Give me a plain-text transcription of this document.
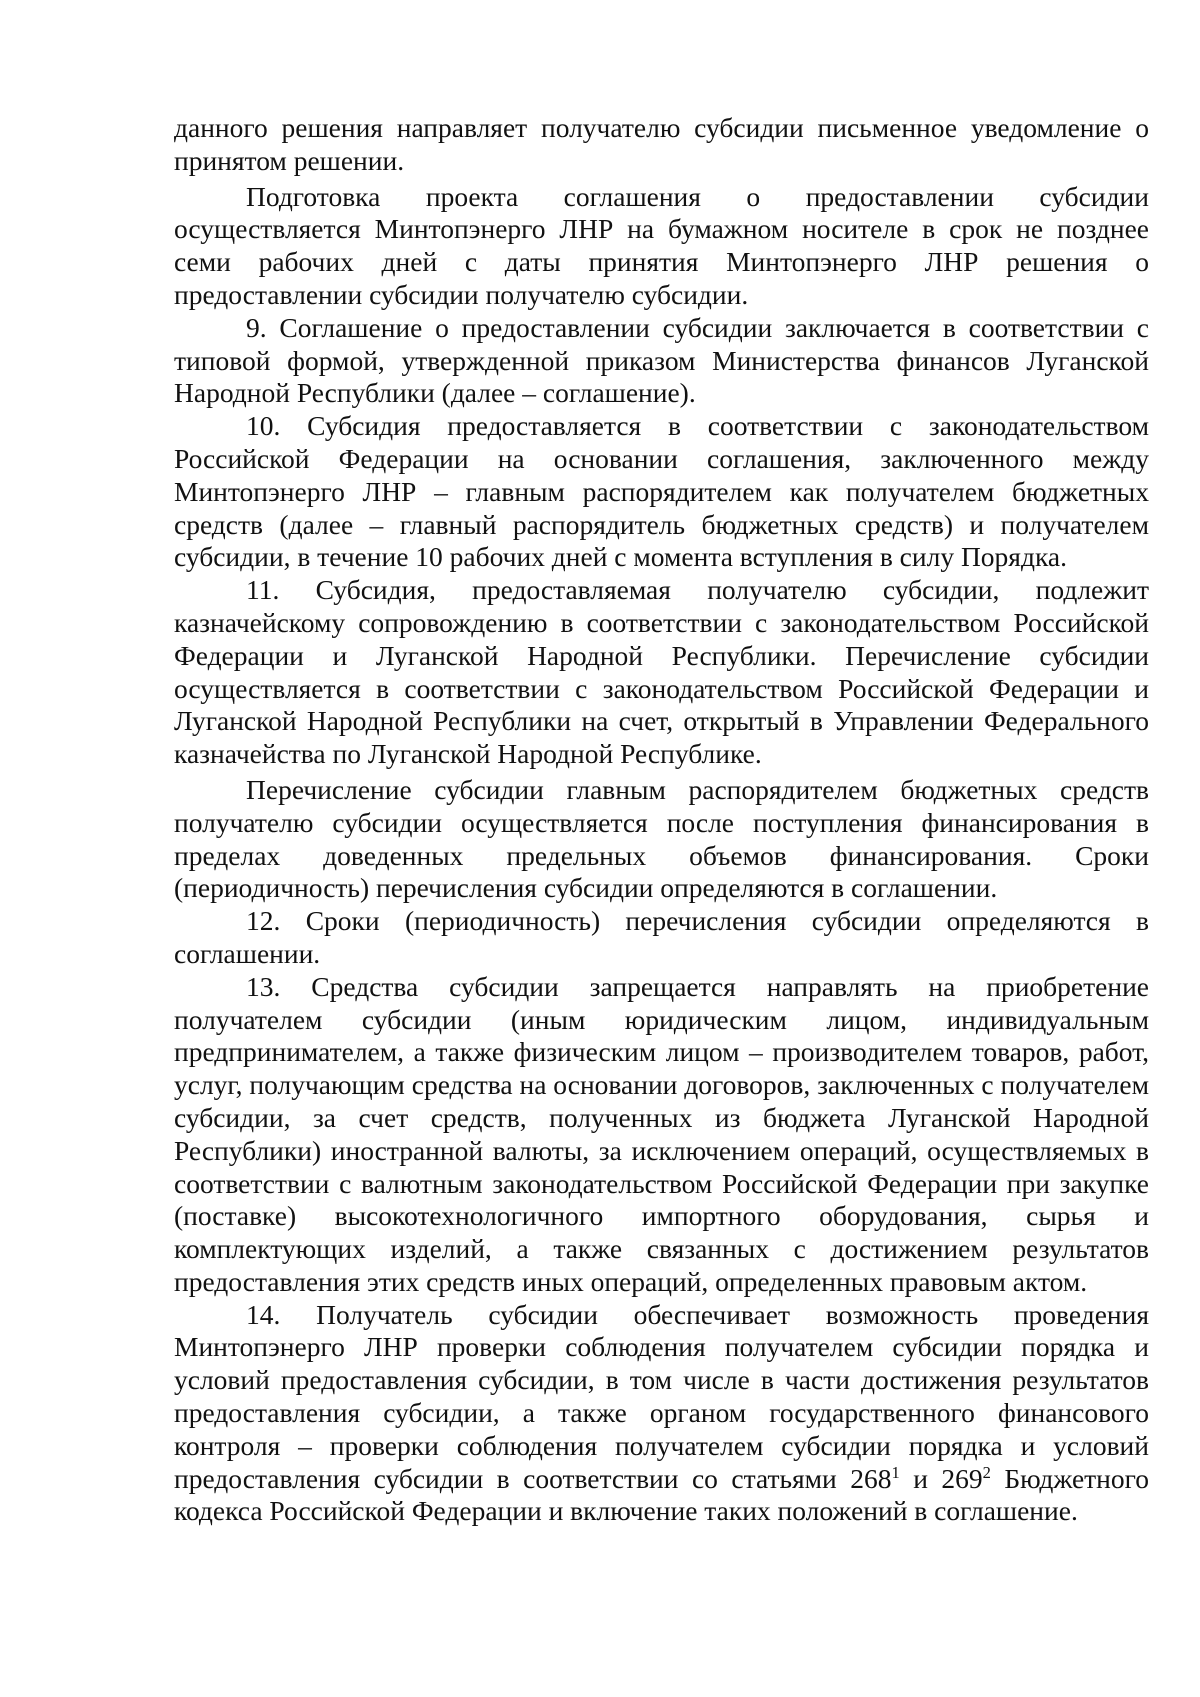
данного решения направляет получателю субсидии письменное уведомление о принятом решении.

Подготовка проекта соглашения о предоставлении субсидии осуществляется Минтопэнерго ЛНР на бумажном носителе в срок не позднее семи рабочих дней с даты принятия Минтопэнерго ЛНР решения о предоставлении субсидии получателю субсидии.

9. Соглашение о предоставлении субсидии заключается в соответствии с типовой формой, утвержденной приказом Министерства финансов Луганской Народной Республики (далее – соглашение).

10. Субсидия предоставляется в соответствии с законодательством Российской Федерации на основании соглашения, заключенного между Минтопэнерго ЛНР – главным распорядителем как получателем бюджетных средств (далее – главный распорядитель бюджетных средств) и получателем субсидии, в течение 10 рабочих дней с момента вступления в силу Порядка.

11. Субсидия, предоставляемая получателю субсидии, подлежит казначейскому сопровождению в соответствии с законодательством Российской Федерации и Луганской Народной Республики. Перечисление субсидии осуществляется в соответствии с законодательством Российской Федерации и Луганской Народной Республики на счет, открытый в Управлении Федерального казначейства по Луганской Народной Республике.

Перечисление субсидии главным распорядителем бюджетных средств получателю субсидии осуществляется после поступления финансирования в пределах доведенных предельных объемов финансирования. Сроки (периодичность) перечисления субсидии определяются в соглашении.

12. Сроки (периодичность) перечисления субсидии определяются в соглашении.

13. Средства субсидии запрещается направлять на приобретение получателем субсидии (иным юридическим лицом, индивидуальным предпринимателем, а также физическим лицом – производителем товаров, работ, услуг, получающим средства на основании договоров, заключенных с получателем субсидии, за счет средств, полученных из бюджета Луганской Народной Республики) иностранной валюты, за исключением операций, осуществляемых в соответствии с валютным законодательством Российской Федерации при закупке (поставке) высокотехнологичного импортного оборудования, сырья и комплектующих изделий, а также связанных с достижением результатов предоставления этих средств иных операций, определенных правовым актом.

14. Получатель субсидии обеспечивает возможность проведения Минтопэнерго ЛНР проверки соблюдения получателем субсидии порядка и условий предоставления субсидии, в том числе в части достижения результатов предоставления субсидии, а также органом государственного финансового контроля – проверки соблюдения получателем субсидии порядка и условий предоставления субсидии в соответствии со статьями $268^1$ и $269^2$ Бюджетного кодекса Российской Федерации и включение таких положений в соглашение.
